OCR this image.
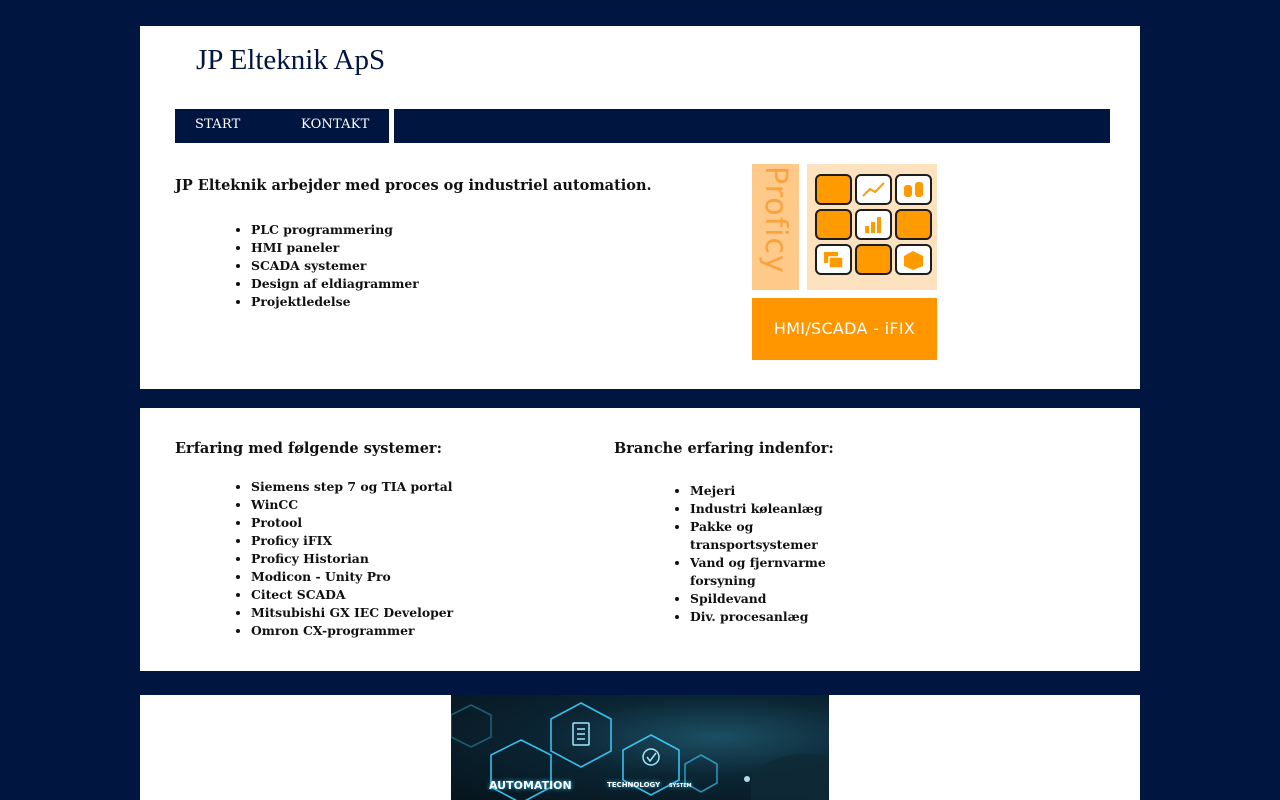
JP Elteknik ApS
START	KONTAKT

JP Elteknik arbejder med proces og industriel automation.

• PLC programmering
• HMI paneler
• SCADA systemer
• Design af eldiagrammer
• Projektledelse
Proficy
HMI/SCADA - iFIX

Erfaring med følgende systemer:

• Siemens step 7 og TIA portal
• WinCC
• Protool
• Proficy iFIX
• Proficy Historian
• Modicon - Unity Pro
• Citect SCADA
• Mitsubishi GX IEC Developer
• Omron CX-programmer

Branche erfaring indenfor:

• Mejeri
• Industri køleanlæg
• Pakke og transportsystemer
• Vand og fjernvarme forsyning
• Spildevand
• Div. procesanlæg
AUTOMATION	TECHNOLOGY SYSTEM
